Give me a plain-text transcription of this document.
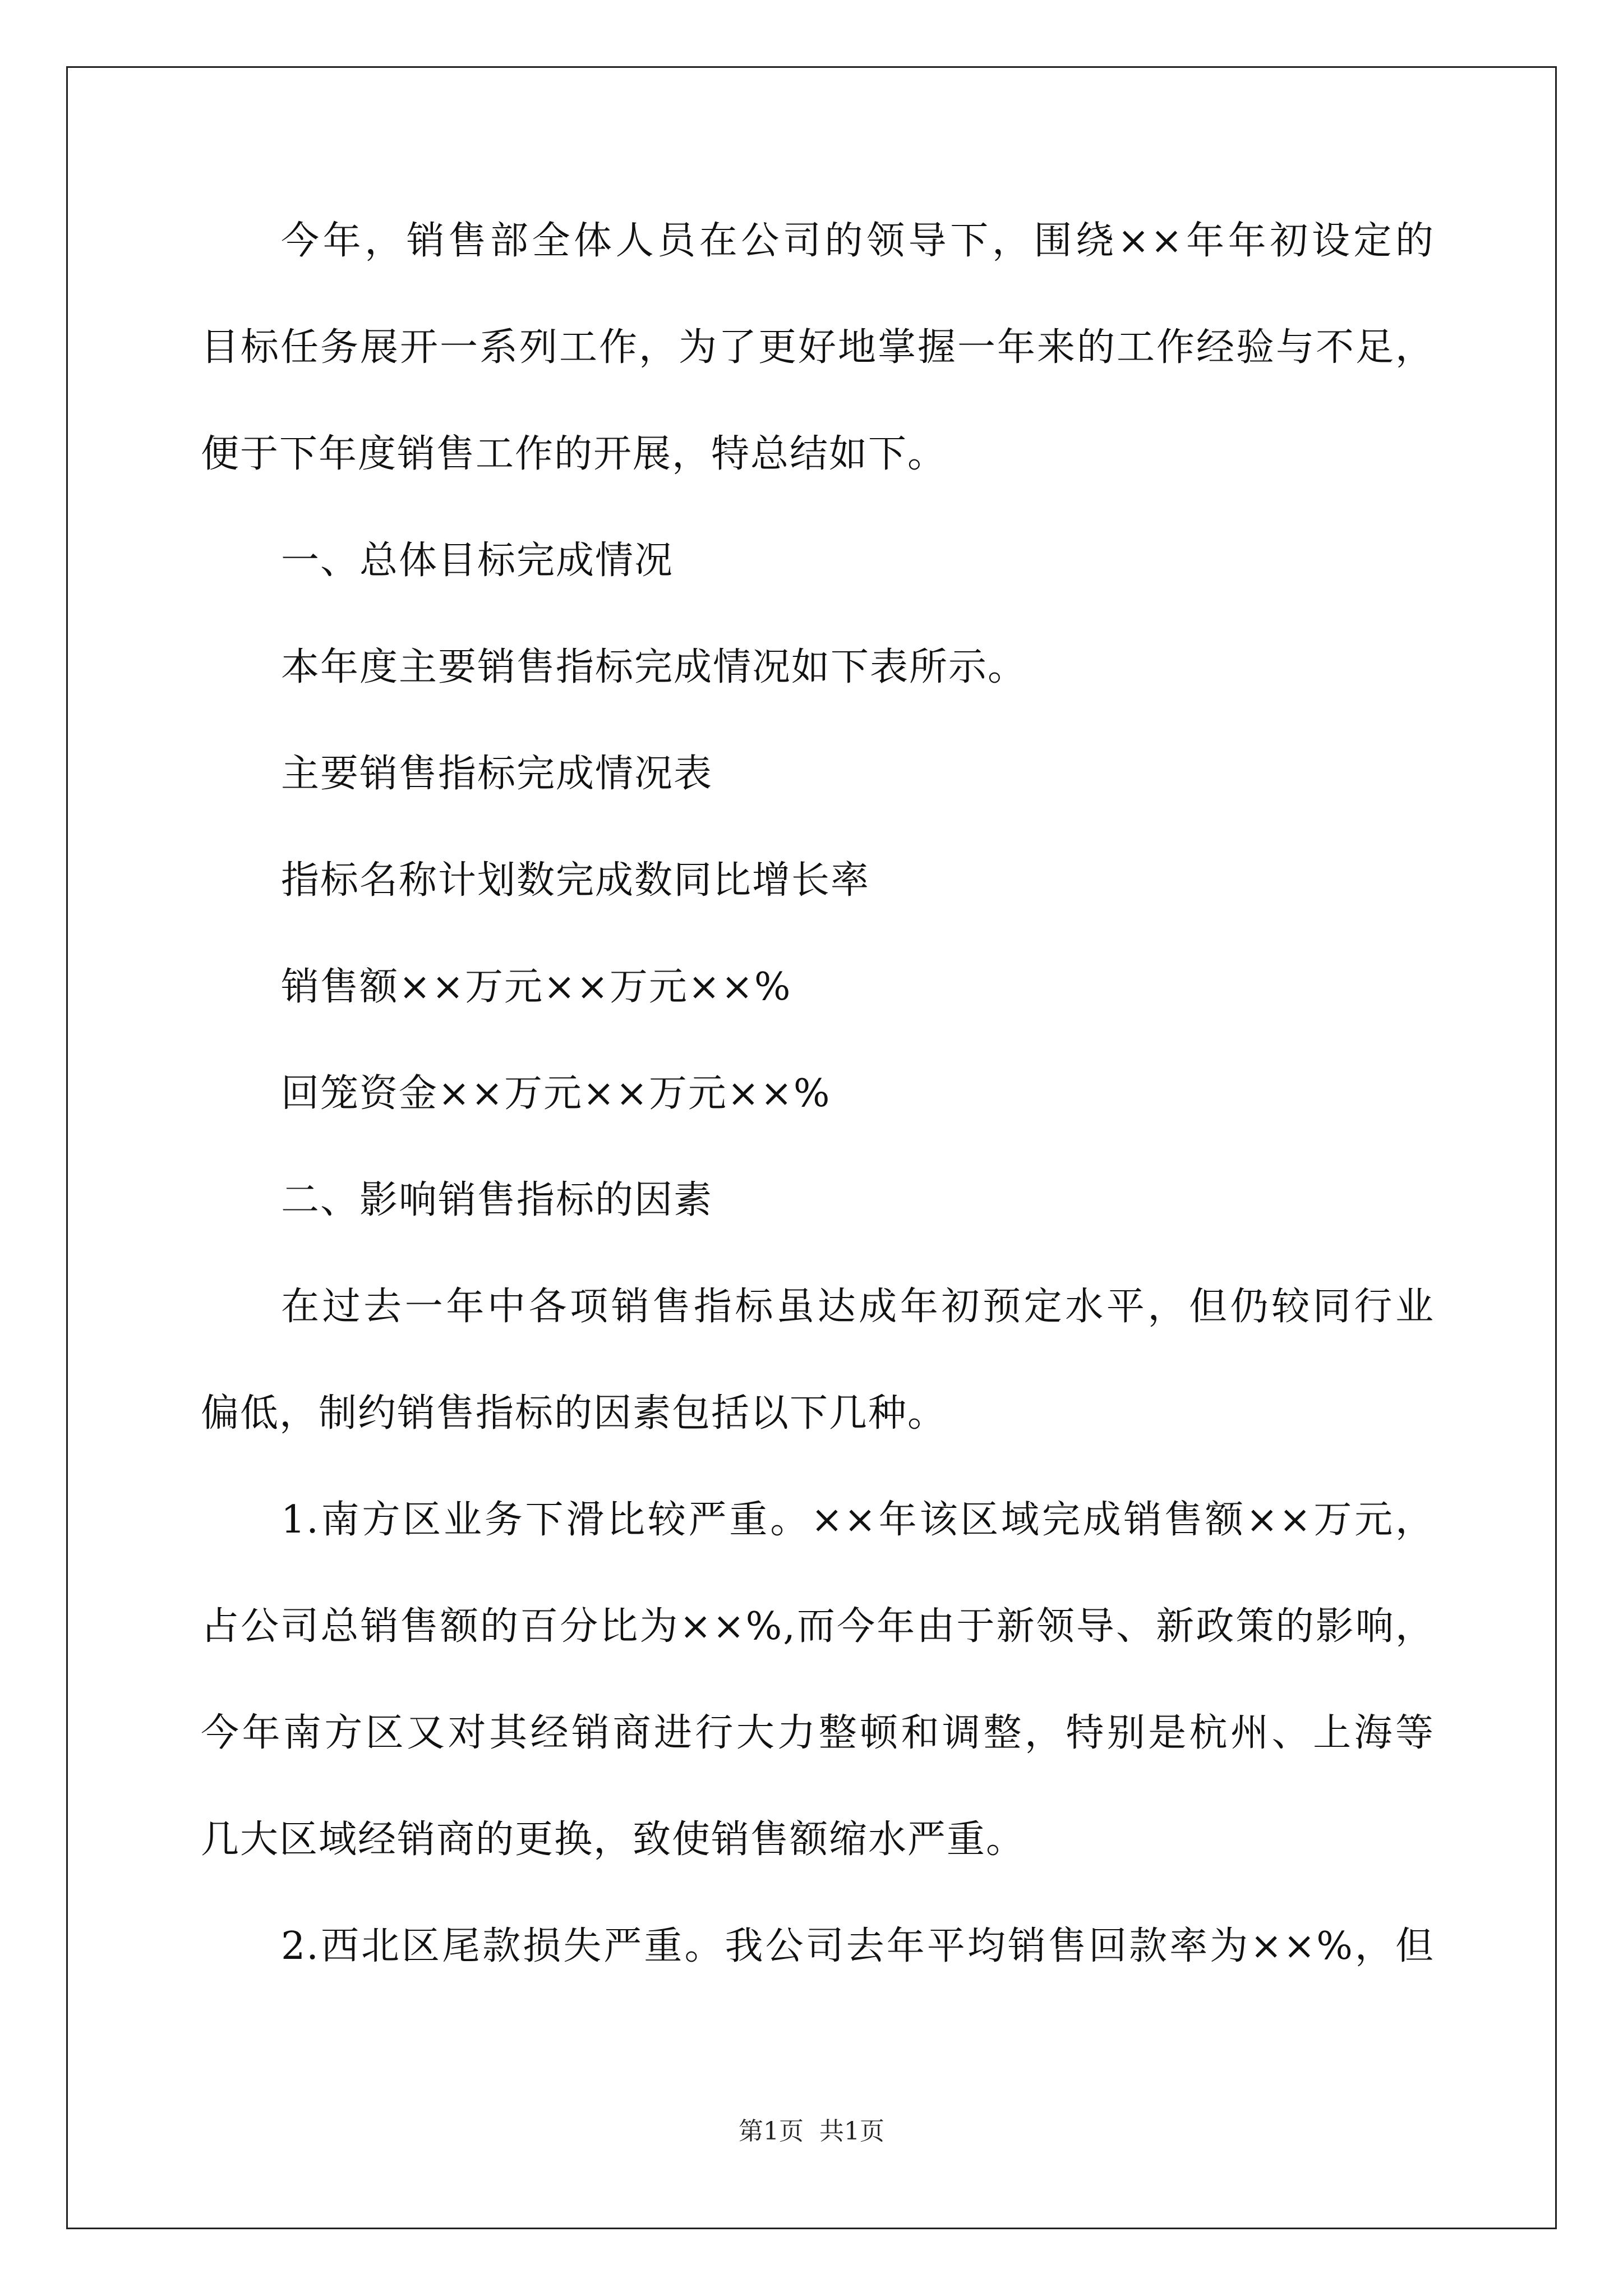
今年，销售部全体人员在公司的领导下，围绕××年年初设定的
目标任务展开一系列工作，为了更好地掌握一年来的工作经验与不足，
便于下年度销售工作的开展，特总结如下。
一、总体目标完成情况
本年度主要销售指标完成情况如下表所示。
主要销售指标完成情况表
指标名称计划数完成数同比增长率
销售额××万元××万元××%
回笼资金××万元××万元××%
二、影响销售指标的因素
在过去一年中各项销售指标虽达成年初预定水平，但仍较同行业
偏低，制约销售指标的因素包括以下几种。
1.南方区业务下滑比较严重。××年该区域完成销售额××万元，
占公司总销售额的百分比为××%,而今年由于新领导、新政策的影响，
今年南方区又对其经销商进行大力整顿和调整，特别是杭州、上海等
几大区域经销商的更换，致使销售额缩水严重。
2.西北区尾款损失严重。我公司去年平均销售回款率为××%，但
第1页 共1页
